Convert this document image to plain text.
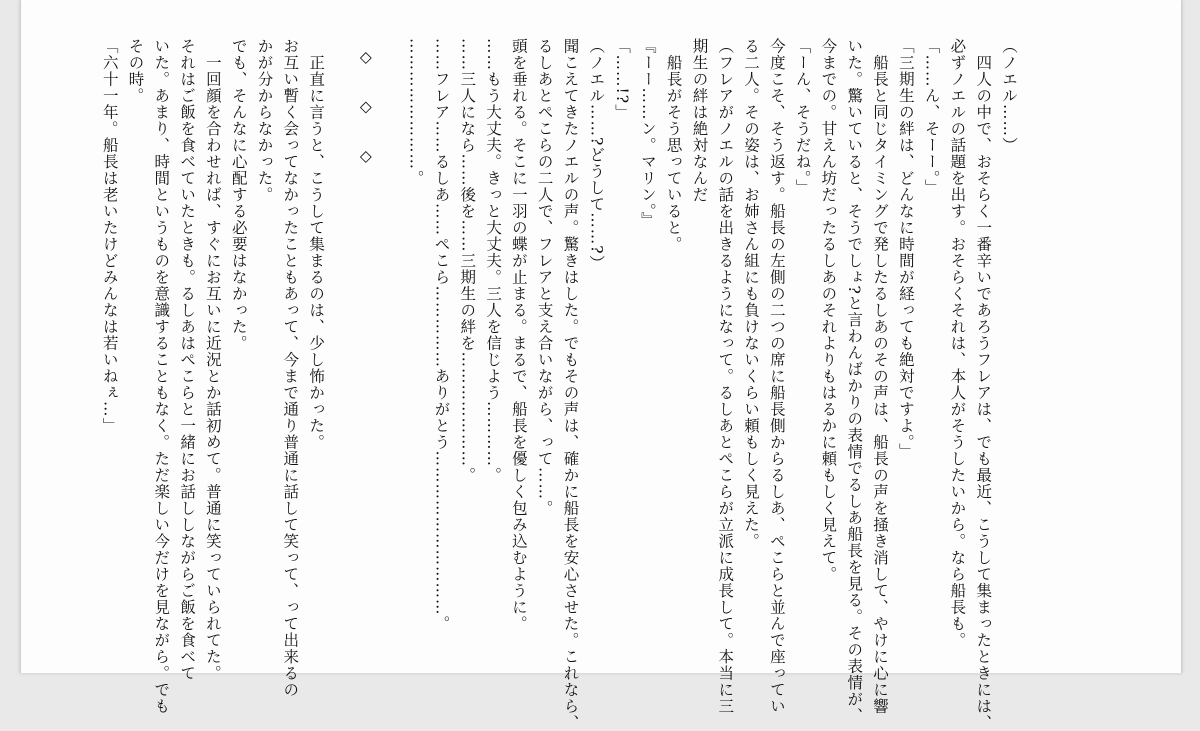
（ノエル……）
　四人の中で、おそらく一番辛いであろうフレアは、でも最近、こうして集まったときには、
必ずノエルの話題を出す。おそらくそれは、本人がそうしたいから。なら船長も。
「……ん、そーー。」
「三期生の絆は、どんなに時間が経っても絶対ですよ。」
　船長と同じタイミングで発したるしあのその声は、船長の声を掻き消して、やけに心に響
いた。驚いていると、そうでしょ?と言わんばかりの表情でるしあ船長を見る。その表情が、
今までの。甘えん坊だったるしあのそれよりもはるかに頼もしく見えて。
「ーん、そうだね。」
今度こそ、そう返す。船長の左側の二つの席に船長側からるしあ、ぺこらと並んで座ってい
る二人。その姿は、お姉さん組にも負けないくらい頼もしく見えた。
（フレアがノエルの話を出きるようになって。るしあとぺこらが立派に成長して。本当に三
期生の絆は絶対なんだ
　船長がそう思っていると。
『ーー……ン。マリン。』
「……!?」
（ノエル……?どうして……?）
聞こえてきたノエルの声。驚きはした。でもその声は、確かに船長を安心させた。これなら、
るしあとぺこらの二人で、フレアと支え合いながら、って……。
頭を垂れる。そこに一羽の蝶が止まる。まるで、船長を優しく包み込むように。
……もう大丈夫。きっと大丈夫。三人を信じよう…………。
……三人になら……後を……三期生の絆を…………………。
……フレア……るしあ……ぺこら……………ありがとう…………………………。
……………………。
◇　◇　◇
　正直に言うと、こうして集まるのは、少し怖かった。
お互い暫く会ってなかったこともあって、今まで通り普通に話して笑って、って出来るの
かが分からなかった。
でも、そんなに心配する必要はなかった。
　一回顔を合わせれば、すぐにお互いに近況とか話初めて。普通に笑っていられてた。
それはご飯を食べていたときも。るしあはぺこらと一緒にお話ししながらご飯を食べて
いた。あまり、時間というものを意識することもなく。ただ楽しい今だけを見ながら。でも
その時。
「六十一年。船長は老いたけどみんなは若いねぇ…」
